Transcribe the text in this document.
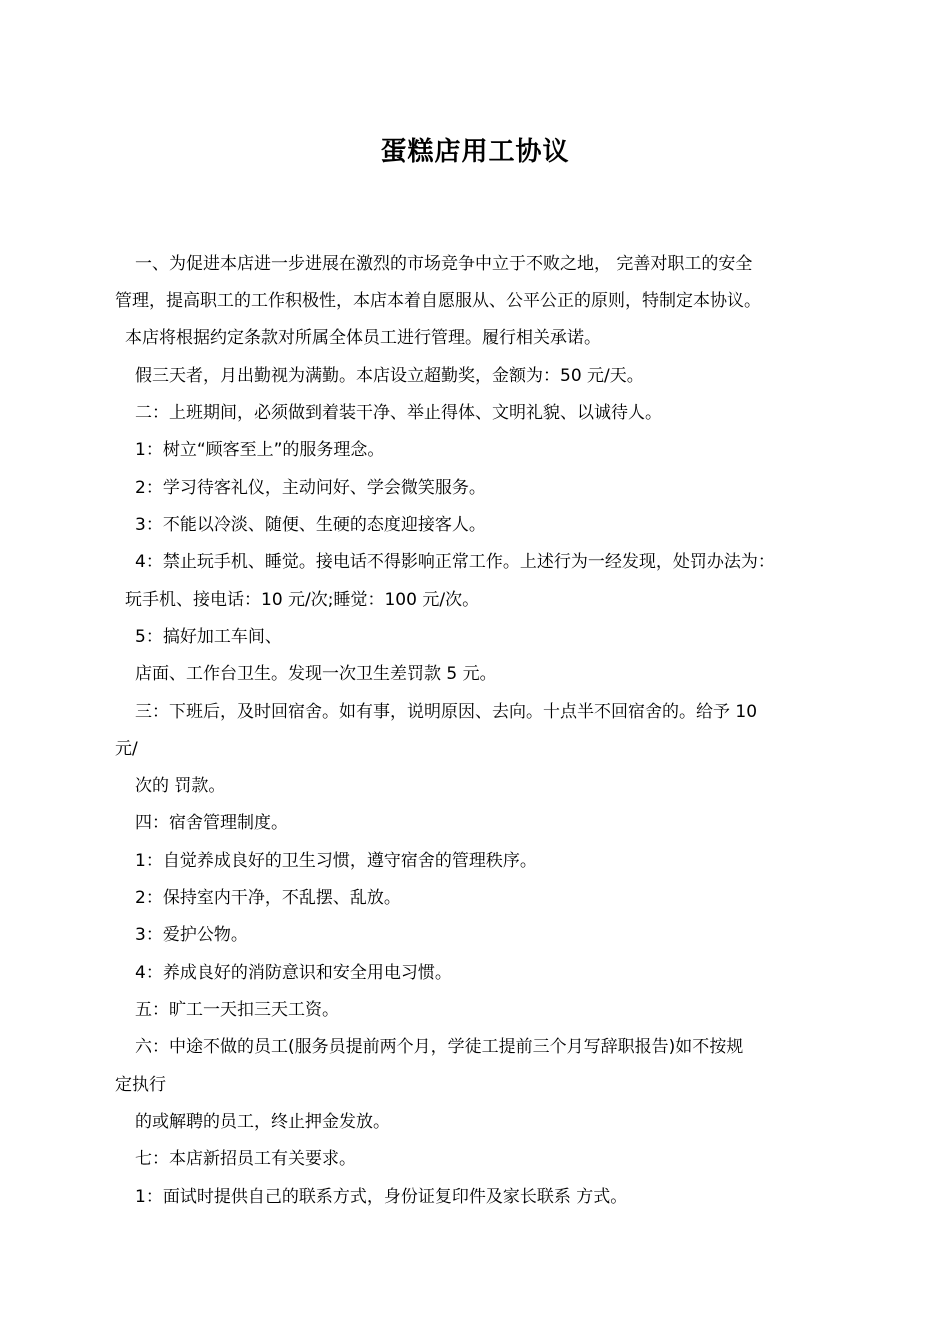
蛋糕店用工协议
一、为促进本店进一步进展在激烈的市场竞争中立于不败之地， 完善对职工的安全
管理，提高职工的工作积极性，本店本着自愿服从、公平公正的原则，特制定本协议。
本店将根据约定条款对所属全体员工进行管理。履行相关承诺。
假三天者，月出勤视为满勤。本店设立超勤奖，金额为：50 元/天。
二：上班期间，必须做到着装干净、举止得体、文明礼貌、以诚待人。
1：树立“顾客至上”的服务理念。
2：学习待客礼仪，主动问好、学会微笑服务。
3：不能以冷淡、随便、生硬的态度迎接客人。
4：禁止玩手机、睡觉。接电话不得影响正常工作。上述行为一经发现，处罚办法为：
玩手机、接电话：10 元/次;睡觉：100 元/次。
5：搞好加工车间、
店面、工作台卫生。发现一次卫生差罚款 5 元。
三：下班后，及时回宿舍。如有事，说明原因、去向。十点半不回宿舍的。给予 10
元/
次的 罚款。
四：宿舍管理制度。
1：自觉养成良好的卫生习惯，遵守宿舍的管理秩序。
2：保持室内干净，不乱摆、乱放。
3：爱护公物。
4：养成良好的消防意识和安全用电习惯。
五：旷工一天扣三天工资。
六：中途不做的员工(服务员提前两个月，学徒工提前三个月写辞职报告)如不按规
定执行
的或解聘的员工，终止押金发放。
七：本店新招员工有关要求。
1：面试时提供自己的联系方式，身份证复印件及家长联系 方式。
